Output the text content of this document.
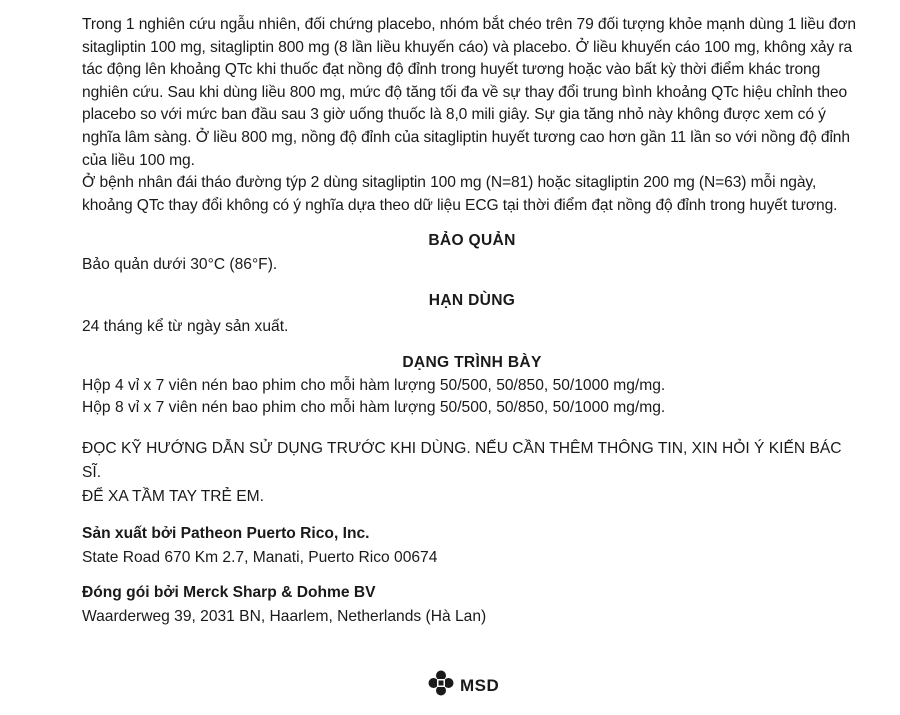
Trong 1 nghiên cứu ngẫu nhiên, đối chứng placebo, nhóm bắt chéo trên 79 đối tượng khỏe mạnh dùng 1 liều đơn sitagliptin 100 mg, sitagliptin 800 mg (8 lần liều khuyến cáo) và placebo. Ở liều khuyến cáo 100 mg, không xảy ra tác động lên khoảng QTc khi thuốc đạt nồng độ đỉnh trong huyết tương hoặc vào bất kỳ thời điểm khác trong nghiên cứu. Sau khi dùng liều 800 mg, mức độ tăng tối đa về sự thay đổi trung bình khoảng QTc hiệu chỉnh theo placebo so với mức ban đầu sau 3 giờ uống thuốc là 8,0 mili giây. Sự gia tăng nhỏ này không được xem có ý nghĩa lâm sàng. Ở liều 800 mg, nồng độ đỉnh của sitagliptin huyết tương cao hơn gần 11 lần so với nồng độ đỉnh của liều 100 mg.

Ở bệnh nhân đái tháo đường týp 2 dùng sitagliptin 100 mg (N=81) hoặc sitagliptin 200 mg (N=63) mỗi ngày, khoảng QTc thay đổi không có ý nghĩa dựa theo dữ liệu ECG tại thời điểm đạt nồng độ đỉnh trong huyết tương.

BẢO QUẢN

Bảo quản dưới 30°C (86°F).

HẠN DÙNG

24 tháng kể từ ngày sản xuất.

DẠNG TRÌNH BÀY

Hộp 4 vỉ x 7 viên nén bao phim cho mỗi hàm lượng 50/500, 50/850, 50/1000 mg/mg.

Hộp 8 vỉ x 7 viên nén bao phim cho mỗi hàm lượng 50/500, 50/850, 50/1000 mg/mg.

ĐỌC KỸ HƯỚNG DẪN SỬ DỤNG TRƯỚC KHI DÙNG. NẾU CẦN THÊM THÔNG TIN, XIN HỎI Ý KIẾN BÁC SĨ.

ĐỂ XA TẦM TAY TRẺ EM.

Sản xuất bởi Patheon Puerto Rico, Inc.

State Road 670 Km 2.7, Manati, Puerto Rico 00674

Đóng gói bởi Merck Sharp & Dohme BV

Waarderweg 39, 2031 BN, Haarlem, Netherlands (Hà Lan)

MSD
